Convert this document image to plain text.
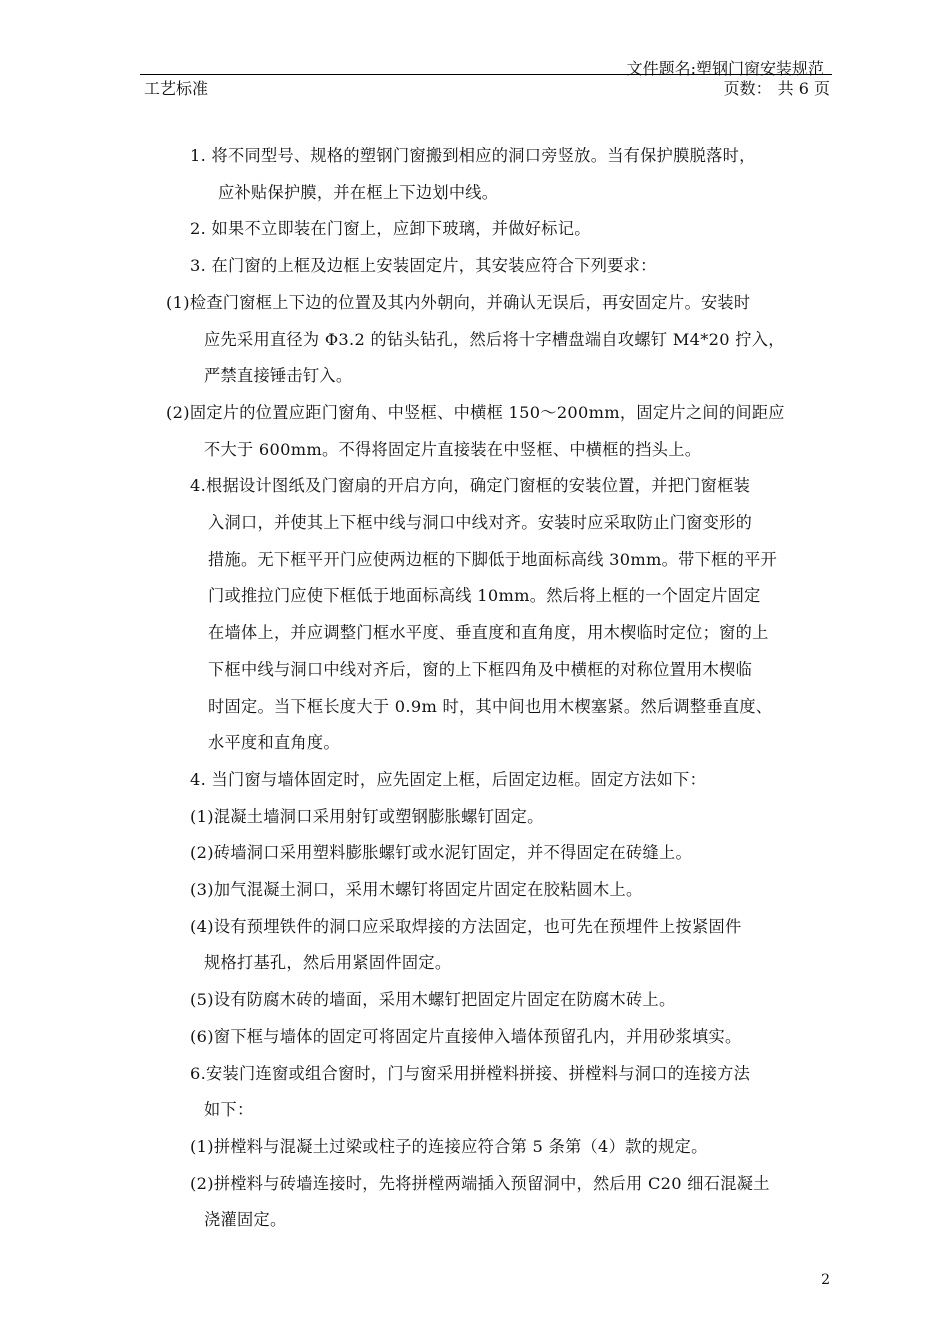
文件题名:塑钢门窗安装规范
工艺标准	页数： 共 6 页
1. 将不同型号、规格的塑钢门窗搬到相应的洞口旁竖放。当有保护膜脱落时，
应补贴保护膜，并在框上下边划中线。
2. 如果不立即装在门窗上，应卸下玻璃，并做好标记。
3. 在门窗的上框及边框上安装固定片，其安装应符合下列要求：
(1)检查门窗框上下边的位置及其内外朝向，并确认无误后，再安固定片。安装时
应先采用直径为 Φ3.2 的钻头钻孔，然后将十字槽盘端自攻螺钉 M4*20 拧入，
严禁直接锤击钉入。
(2)固定片的位置应距门窗角、中竖框、中横框 150～200mm，固定片之间的间距应
不大于 600mm。不得将固定片直接装在中竖框、中横框的挡头上。
4.根据设计图纸及门窗扇的开启方向，确定门窗框的安装位置，并把门窗框装
入洞口，并使其上下框中线与洞口中线对齐。安装时应采取防止门窗变形的
措施。无下框平开门应使两边框的下脚低于地面标高线 30mm。带下框的平开
门或推拉门应使下框低于地面标高线 10mm。然后将上框的一个固定片固定
在墙体上，并应调整门框水平度、垂直度和直角度，用木楔临时定位；窗的上
下框中线与洞口中线对齐后，窗的上下框四角及中横框的对称位置用木楔临
时固定。当下框长度大于 0.9m 时，其中间也用木楔塞紧。然后调整垂直度、
水平度和直角度。
4. 当门窗与墙体固定时，应先固定上框，后固定边框。固定方法如下：
(1)混凝土墙洞口采用射钉或塑钢膨胀螺钉固定。
(2)砖墙洞口采用塑料膨胀螺钉或水泥钉固定，并不得固定在砖缝上。
(3)加气混凝土洞口，采用木螺钉将固定片固定在胶粘圆木上。
(4)设有预埋铁件的洞口应采取焊接的方法固定，也可先在预埋件上按紧固件
规格打基孔，然后用紧固件固定。
(5)设有防腐木砖的墙面，采用木螺钉把固定片固定在防腐木砖上。
(6)窗下框与墙体的固定可将固定片直接伸入墙体预留孔内，并用砂浆填实。
6.安装门连窗或组合窗时，门与窗采用拼樘料拼接、拼樘料与洞口的连接方法
如下：
(1)拼樘料与混凝土过梁或柱子的连接应符合第 5 条第（4）款的规定。
(2)拼樘料与砖墙连接时，先将拼樘两端插入预留洞中，然后用 C20 细石混凝土
浇灌固定。
2
